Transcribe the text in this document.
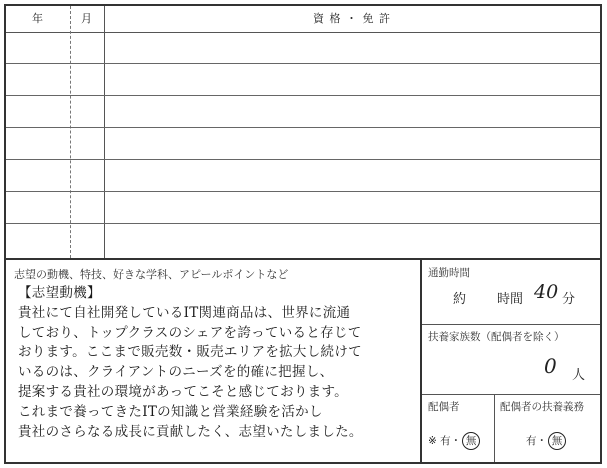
年	月	資 格 ・ 免 許
志望の動機、特技、好きな学科、アピールポイントなど
【志望動機】
貴社にて自社開発しているIT関連商品は、世界に流通
しており、トップクラスのシェアを誇っていると存じて
おります。ここまで販売数・販売エリアを拡大し続けて
いるのは、クライアントのニーズを的確に把握し、
提案する貴社の環境があってこそと感じております。
これまで養ってきたITの知識と営業経験を活かし
貴社のさらなる成長に貢献したく、志望いたしました。
通勤時間
約 時間 40 分
扶養家族数（配偶者を除く）
0 人
配偶者
※ 有・ 無
配偶者の扶養義務
有・ 無
